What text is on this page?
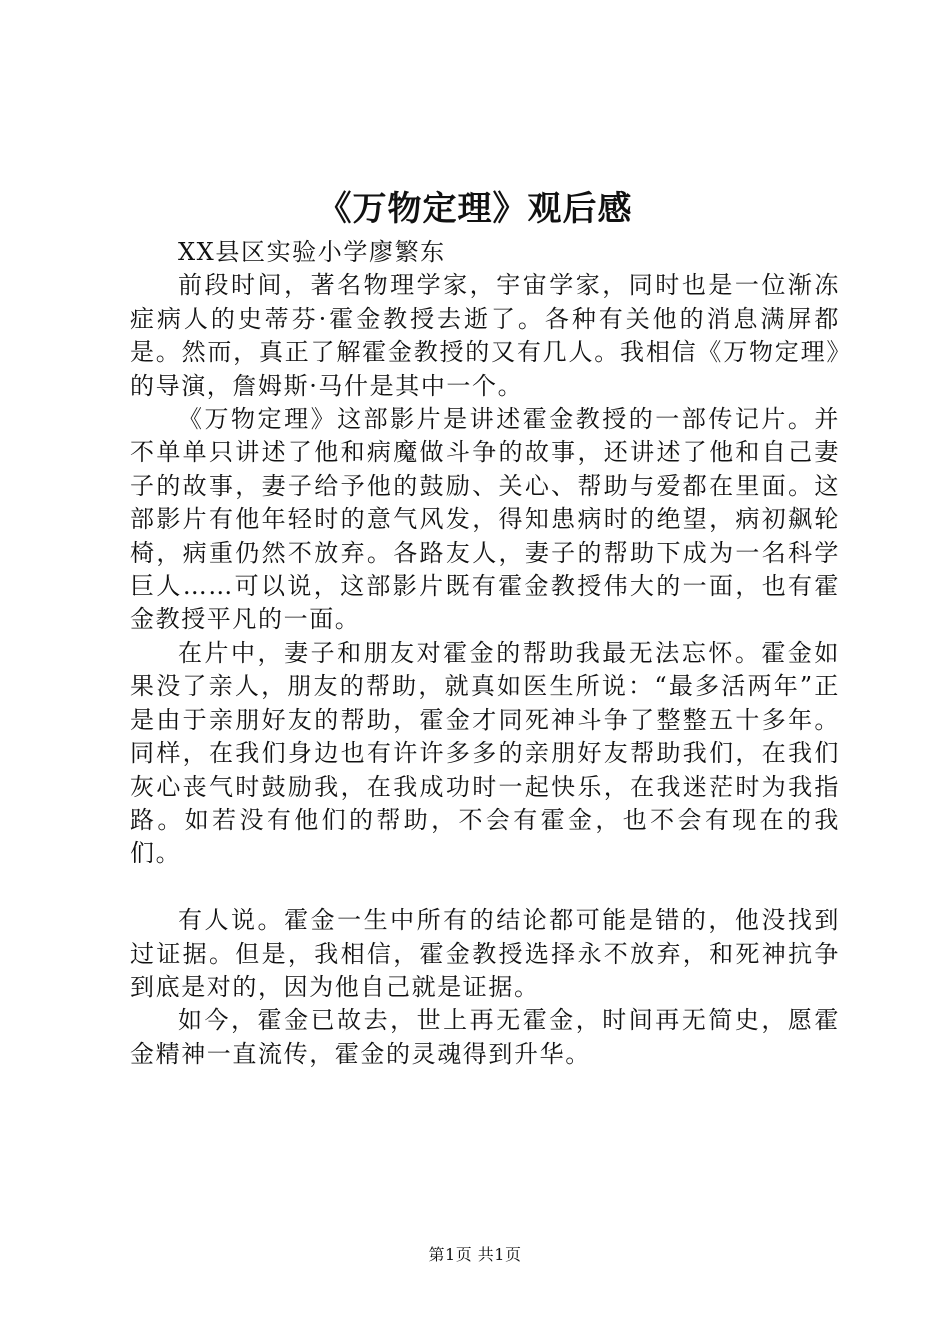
《万物定理》观后感

XX县区实验小学廖繁东

前段时间，著名物理学家，宇宙学家，同时也是一位渐冻症病人的史蒂芬·霍金教授去逝了。各种有关他的消息满屏都是。然而，真正了解霍金教授的又有几人。我相信《万物定理》的导演，詹姆斯·马什是其中一个。

《万物定理》这部影片是讲述霍金教授的一部传记片。并不单单只讲述了他和病魔做斗争的故事，还讲述了他和自己妻子的故事，妻子给予他的鼓励、关心、帮助与爱都在里面。这部影片有他年轻时的意气风发，得知患病时的绝望，病初飙轮椅，病重仍然不放弃。各路友人，妻子的帮助下成为一名科学巨人……可以说，这部影片既有霍金教授伟大的一面，也有霍金教授平凡的一面。

在片中，妻子和朋友对霍金的帮助我最无法忘怀。霍金如果没了亲人，朋友的帮助，就真如医生所说：“最多活两年”正是由于亲朋好友的帮助，霍金才同死神斗争了整整五十多年。同样，在我们身边也有许许多多的亲朋好友帮助我们，在我们灰心丧气时鼓励我，在我成功时一起快乐，在我迷茫时为我指路。如若没有他们的帮助，不会有霍金，也不会有现在的我们。

有人说。霍金一生中所有的结论都可能是错的，他没找到过证据。但是，我相信，霍金教授选择永不放弃，和死神抗争到底是对的，因为他自己就是证据。

如今，霍金已故去，世上再无霍金，时间再无简史，愿霍金精神一直流传，霍金的灵魂得到升华。

第1页 共1页
